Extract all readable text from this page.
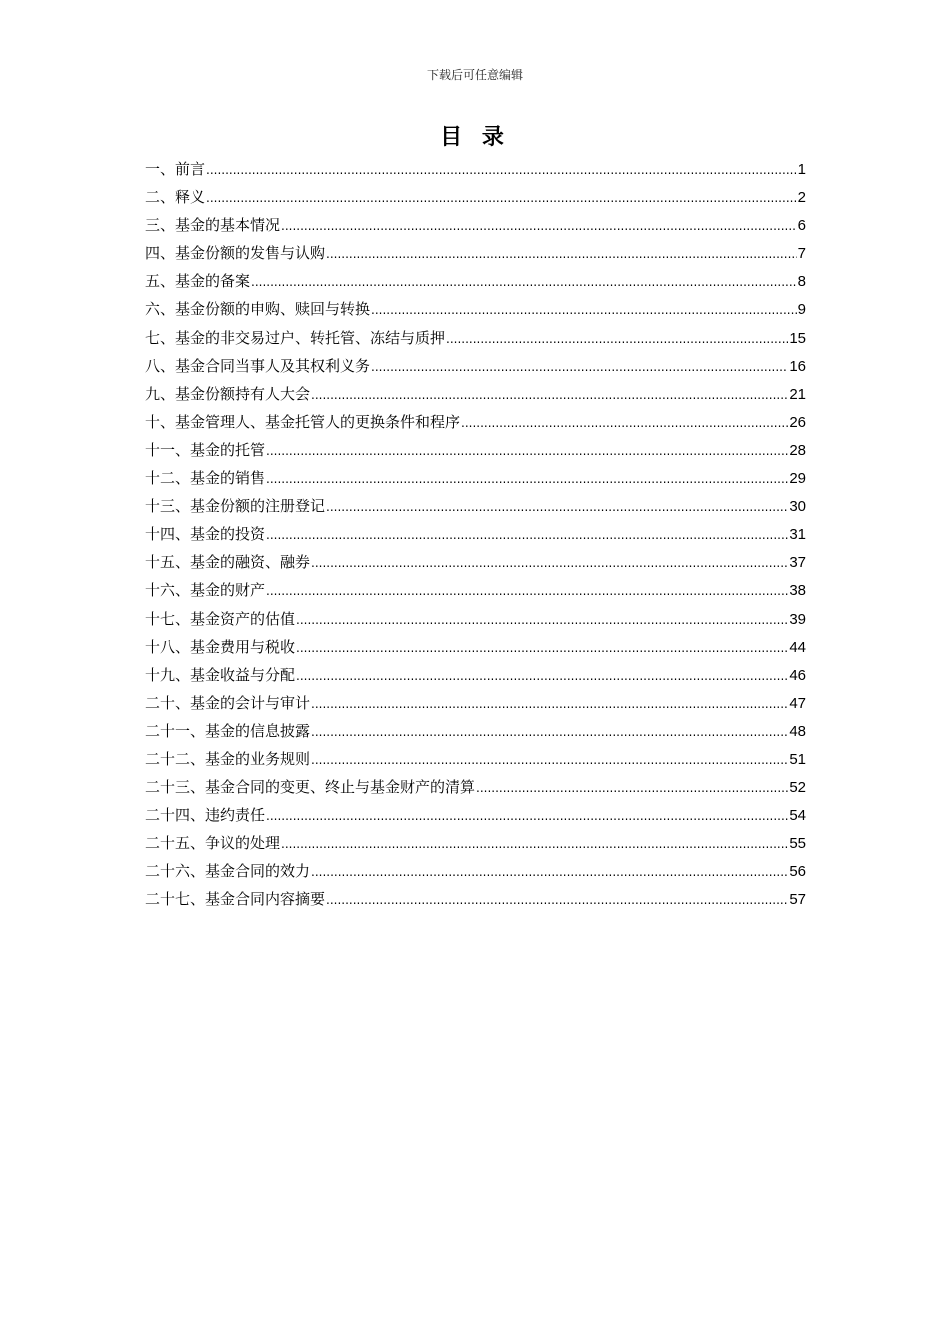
下载后可任意编辑
目 录
一、前言 .....	1
二、释义 .....	2
三、基金的基本情况 .....	6
四、基金份额的发售与认购 .....	7
五、基金的备案 .....	8
六、基金份额的申购、赎回与转换 .....	9
七、基金的非交易过户、转托管、冻结与质押 .....	15
八、基金合同当事人及其权利义务 .....	16
九、基金份额持有人大会 .....	21
十、基金管理人、基金托管人的更换条件和程序 .....	26
十一、基金的托管 .....	28
十二、基金的销售 .....	29
十三、基金份额的注册登记 .....	30
十四、基金的投资 .....	31
十五、基金的融资、融券 .....	37
十六、基金的财产 .....	38
十七、基金资产的估值 .....	39
十八、基金费用与税收 .....	44
十九、基金收益与分配 .....	46
二十、基金的会计与审计 .....	47
二十一、基金的信息披露 .....	48
二十二、基金的业务规则 .....	51
二十三、基金合同的变更、终止与基金财产的清算 .....	52
二十四、违约责任 .....	54
二十五、争议的处理 .....	55
二十六、基金合同的效力 .....	56
二十七、基金合同内容摘要 .....	57
